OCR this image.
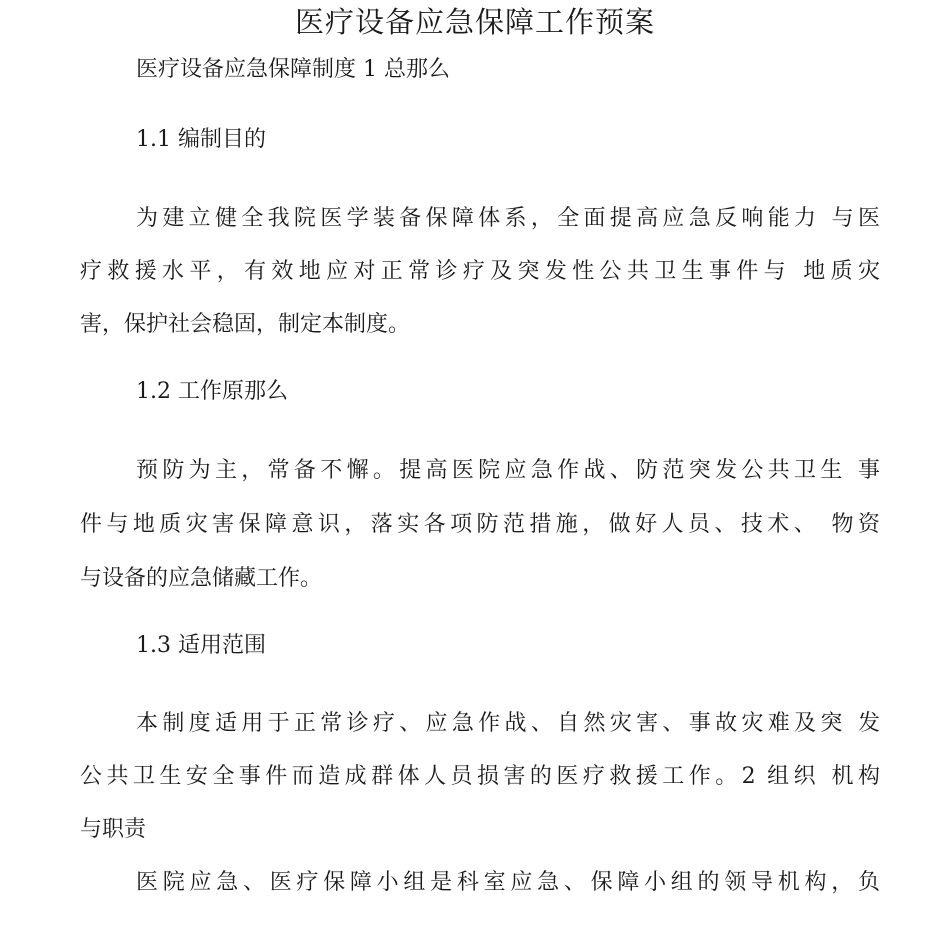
医疗设备应急保障工作预案
医疗设备应急保障制度 1 总那么
1.1 编制目的
为建立健全我院医学装备保障体系，全面提高应急反响能力 与医
疗救援水平，有效地应对正常诊疗及突发性公共卫生事件与 地质灾
害，保护社会稳固，制定本制度。
1.2 工作原那么
预防为主，常备不懈。提高医院应急作战、防范突发公共卫生 事
件与地质灾害保障意识，落实各项防范措施，做好人员、技术、 物资
与设备的应急储藏工作。
1.3 适用范围
本制度适用于正常诊疗、应急作战、自然灾害、事故灾难及突 发
公共卫生安全事件而造成群体人员损害的医疗救援工作。2 组织 机构
与职责
医院应急、医疗保障小组是科室应急、保障小组的领导机构，负
